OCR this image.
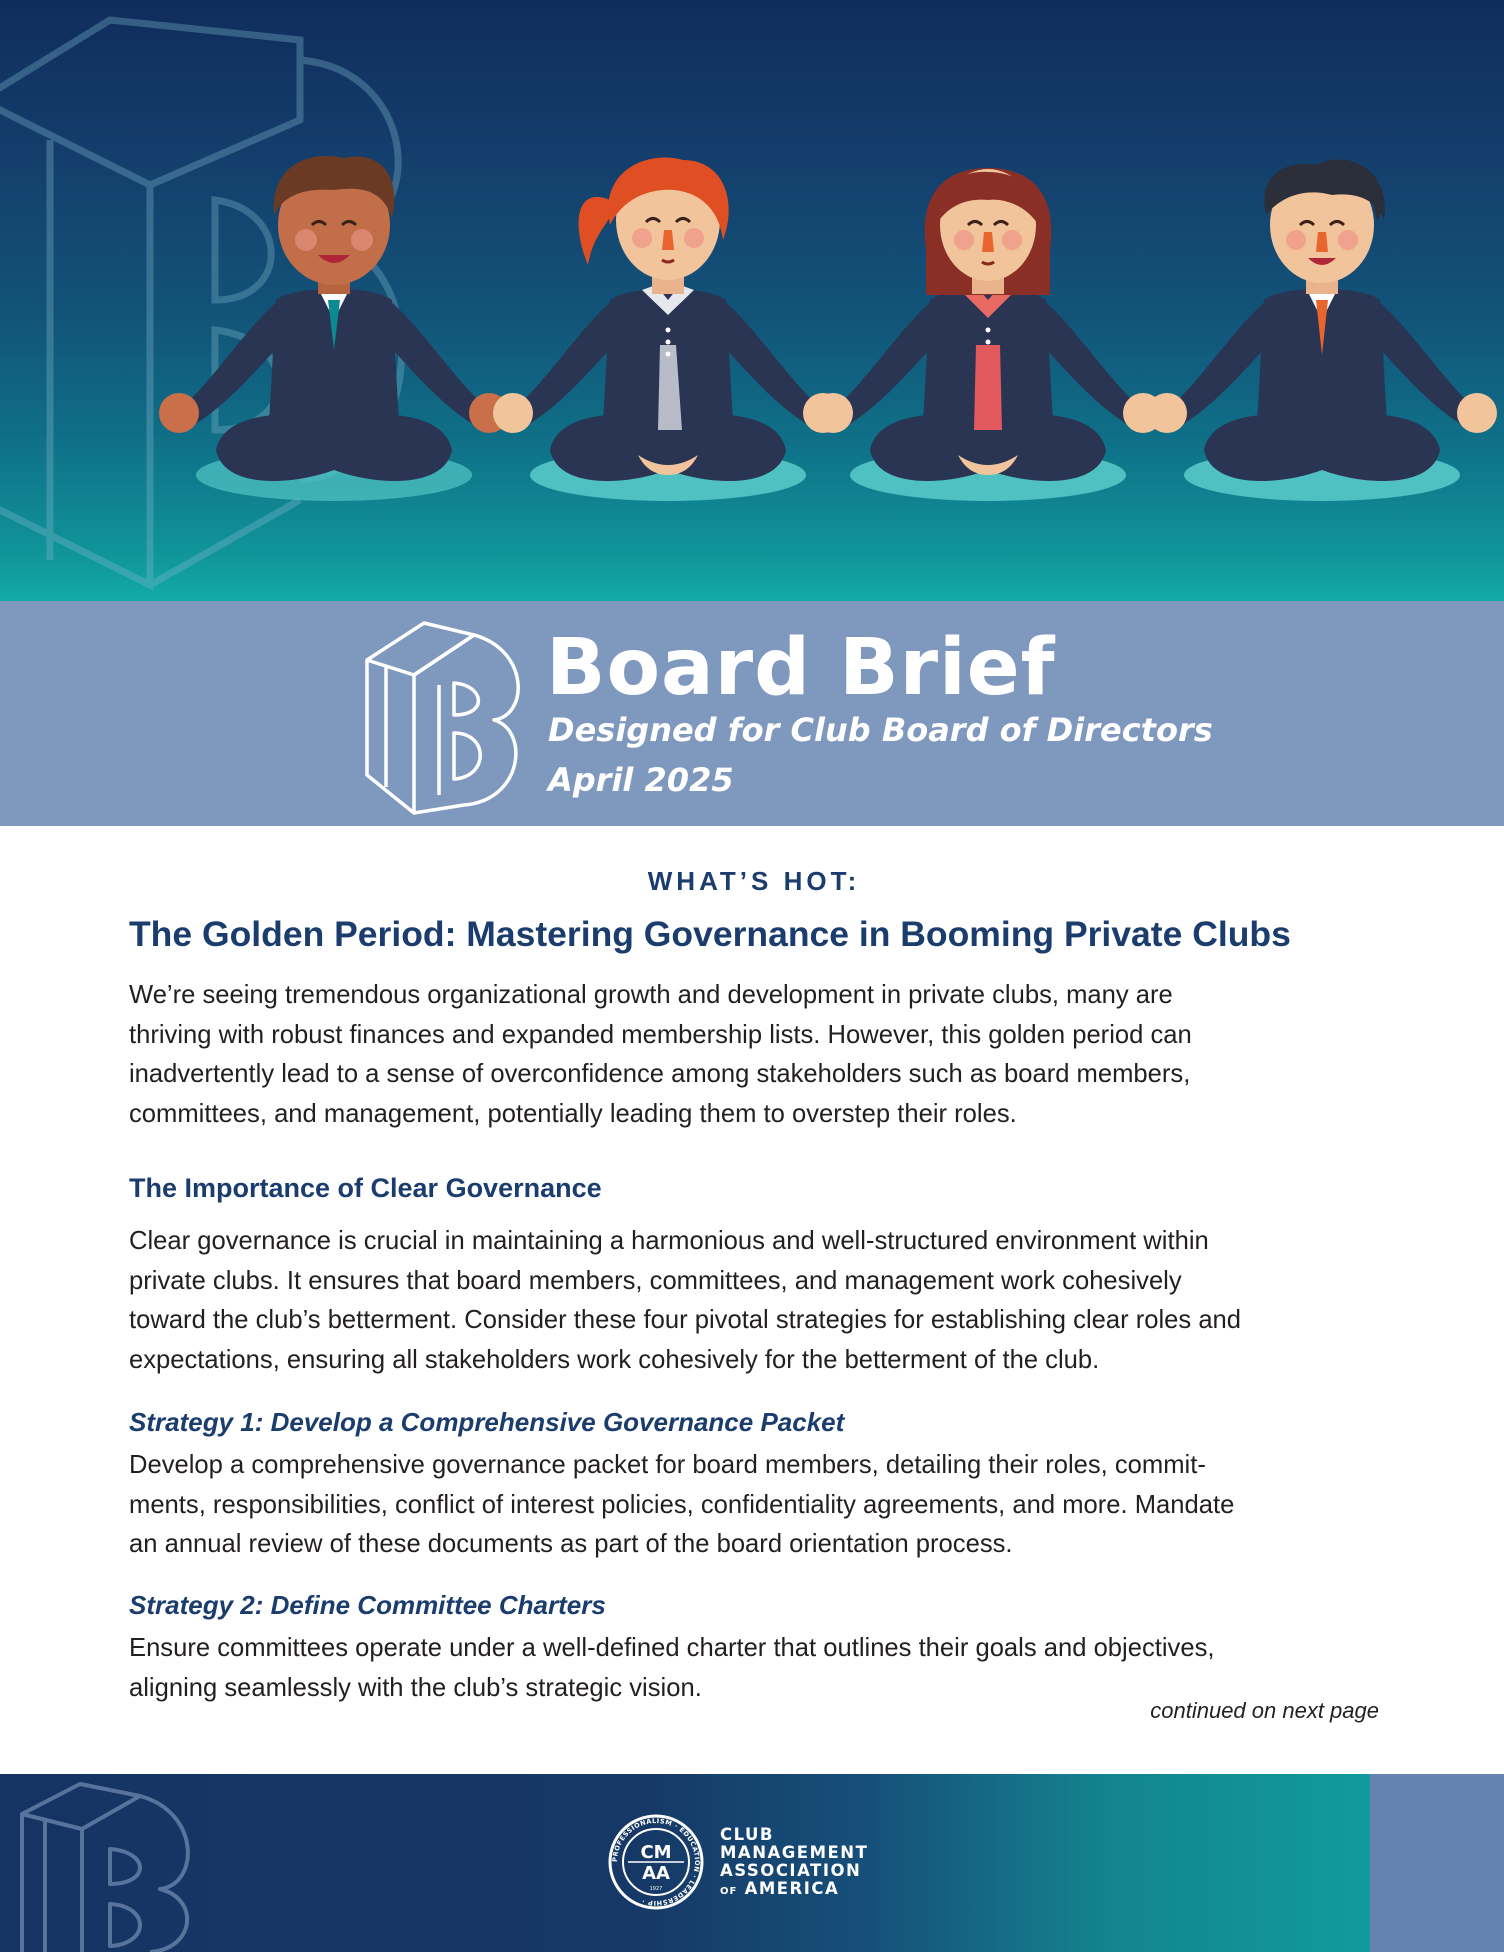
Board Brief
Designed for Club Board of Directors
April 2025
WHAT’S HOT:
The Golden Period: Mastering Governance in Booming Private Clubs

We’re seeing tremendous organizational growth and development in private clubs, many are
thriving with robust finances and expanded membership lists. However, this golden period can
inadvertently lead to a sense of overconfidence among stakeholders such as board members,
committees, and management, potentially leading them to overstep their roles.

The Importance of Clear Governance

Clear governance is crucial in maintaining a harmonious and well-structured environment within
private clubs. It ensures that board members, committees, and management work cohesively
toward the club’s betterment. Consider these four pivotal strategies for establishing clear roles and
expectations, ensuring all stakeholders work cohesively for the betterment of the club.

Strategy 1: Develop a Comprehensive Governance Packet

Develop a comprehensive governance packet for board members, detailing their roles, commit-
ments, responsibilities, conflict of interest policies, confidentiality agreements, and more. Mandate
an annual review of these documents as part of the board orientation process.

Strategy 2: Define Committee Charters

Ensure committees operate under a well-defined charter that outlines their goals and objectives,
aligning seamlessly with the club’s strategic vision.

continued on next page
PROFESSIONALISM · EDUCATION · LEADERSHIP ·
CM
AA
1927
CLUB
MANAGEMENT
ASSOCIATION
OF AMERICA
